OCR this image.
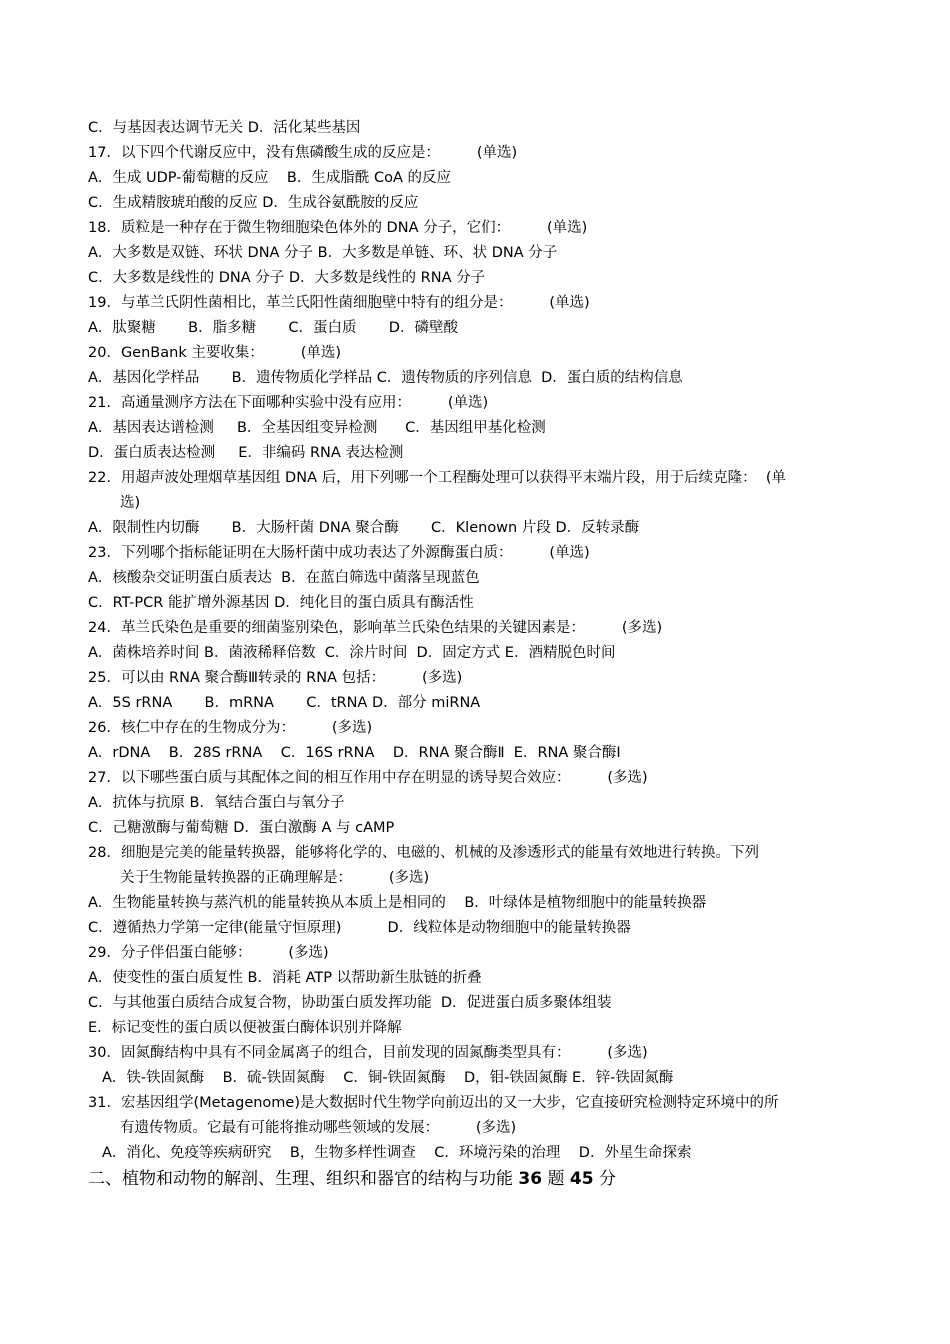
C．与基因表达调节无关 D．活化某些基因
17．以下四个代谢反应中，没有焦磷酸生成的反应是：        (单选)
A．生成 UDP-葡萄糖的反应    B．生成脂酰 CoA 的反应
C．生成精胺琥珀酸的反应 D．生成谷氨酰胺的反应
18．质粒是一种存在于微生物细胞染色体外的 DNA 分子，它们：        (单选)
A．大多数是双链、环状 DNA 分子 B．大多数是单链、环、状 DNA 分子
C．大多数是线性的 DNA 分子 D．大多数是线性的 RNA 分子
19．与革兰氏阴性菌相比，革兰氏阳性菌细胞壁中特有的组分是：        (单选)
A．肽聚糖       B．脂多糖       C．蛋白质       D．磷壁酸
20．GenBank 主要收集：        (单选)
A．基因化学样品       B．遗传物质化学样品 C．遗传物质的序列信息  D．蛋白质的结构信息
21．高通量测序方法在下面哪种实验中没有应用：        (单选)
A．基因表达谱检测     B．全基因组变异检测      C．基因组甲基化检测
D．蛋白质表达检测     E．非编码 RNA 表达检测
22．用超声波处理烟草基因组 DNA 后，用下列哪一个工程酶处理可以获得平末端片段，用于后续克隆：  (单
选)
A．限制性内切酶       B．大肠杆菌 DNA 聚合酶       C．Klenown 片段 D．反转录酶
23．下列哪个指标能证明在大肠杆菌中成功表达了外源酶蛋白质：        (单选)
A．核酸杂交证明蛋白质表达  B．在蓝白筛选中菌落呈现蓝色
C．RT-PCR 能扩增外源基因 D．纯化目的蛋白质具有酶活性
24．革兰氏染色是重要的细菌鉴别染色，影响革兰氏染色结果的关键因素是：        (多选)
A．菌株培养时间 B．菌液稀释倍数  C．涂片时间  D．固定方式 E．酒精脱色时间
25．可以由 RNA 聚合酶Ⅲ转录的 RNA 包括：        (多选)
A．5S rRNA       B．mRNA       C．tRNA D．部分 miRNA
26．核仁中存在的生物成分为：        (多选)
A．rDNA    B．28S rRNA    C．16S rRNA    D．RNA 聚合酶Ⅱ  E．RNA 聚合酶Ⅰ
27．以下哪些蛋白质与其配体之间的相互作用中存在明显的诱导契合效应：        (多选)
A．抗体与抗原 B．氧结合蛋白与氧分子
C．己糖激酶与葡萄糖 D．蛋白激酶 A 与 cAMP
28．细胞是完美的能量转换器，能够将化学的、电磁的、机械的及渗透形式的能量有效地进行转换。下列
关于生物能量转换器的正确理解是：        (多选)
A．生物能量转换与蒸汽机的能量转换从本质上是相同的    B．叶绿体是植物细胞中的能量转换器
C．遵循热力学第一定律(能量守恒原理)          D．线粒体是动物细胞中的能量转换器
29．分子伴侣蛋白能够：        (多选)
A．使变性的蛋白质复性 B．消耗 ATP 以帮助新生肽链的折叠
C．与其他蛋白质结合成复合物，协助蛋白质发挥功能  D．促进蛋白质多聚体组装
E．标记变性的蛋白质以便被蛋白酶体识别并降解
30．固氮酶结构中具有不同金属离子的组合，目前发现的固氮酶类型具有：        (多选)
A．铁-铁固氮酶    B．硫-铁固氮酶    C．铜-铁固氮酶    D，钼-铁固氮酶 E．锌-铁固氮酶
31．宏基因组学(Metagenome)是大数据时代生物学向前迈出的又一大步，它直接研究检测特定环境中的所
有遗传物质。它最有可能将推动哪些领域的发展：        (多选)
A．消化、免疫等疾病研究    B，生物多样性调查    C．环境污染的治理    D．外星生命探索
二、植物和动物的解剖、生理、组织和器官的结构与功能 36 题 45 分
